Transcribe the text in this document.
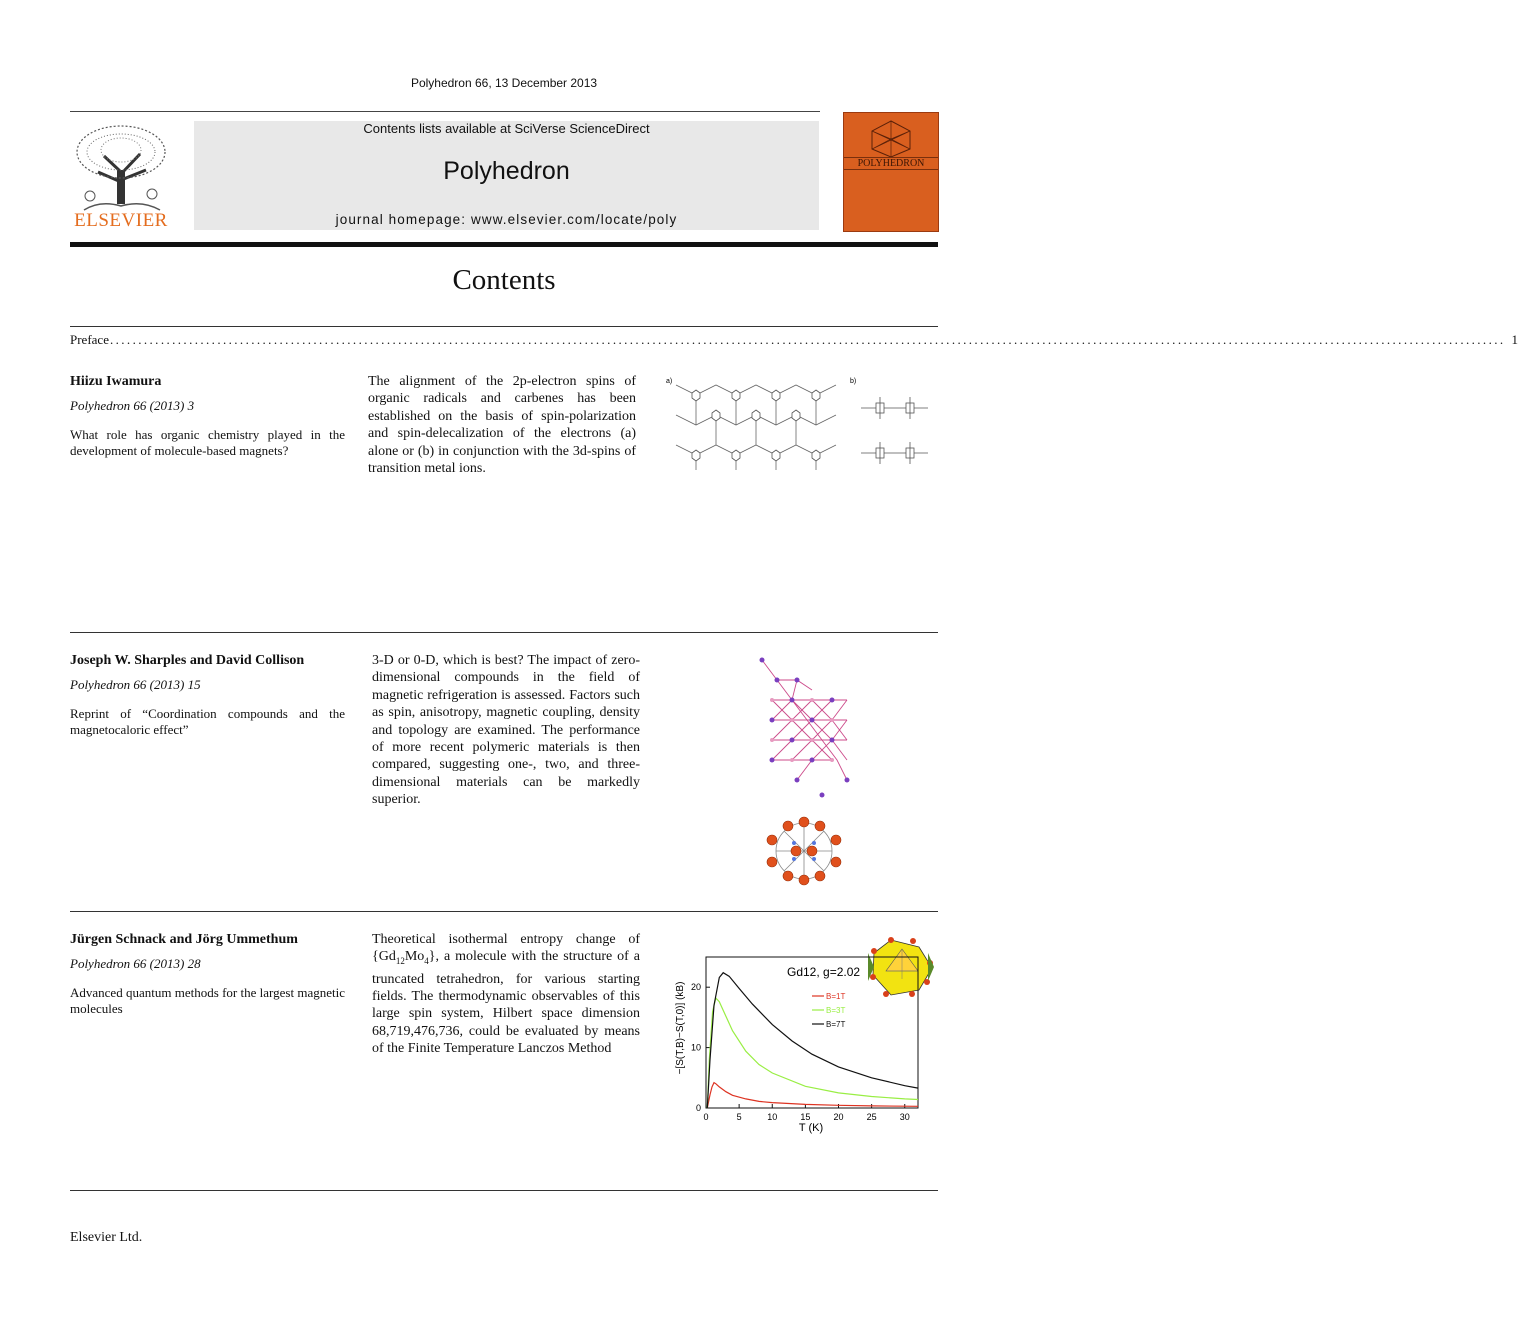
Polyhedron 66, 13 December 2013
ELSEVIER
Contents lists available at SciVerse ScienceDirect
Polyhedron
journal homepage: www.elsevier.com/locate/poly
POLYHEDRON
Contents
Preface ....................................................................................................................................................................................................................................................... 1
Hiizu Iwamura
Polyhedron 66 (2013) 3
What role has organic chemistry played in the development of molecule-based magnets?
The alignment of the 2p-electron spins of organic radicals and carbenes has been established on the basis of spin-polarization and spin-delecalization of the electrons (a) alone or (b) in conjunction with the 3d-spins of transition metal ions.
a)	b)
Joseph W. Sharples and David Collison
Polyhedron 66 (2013) 15
Reprint of “Coordination compounds and the magnetocaloric effect”
3-D or 0-D, which is best? The impact of zero-dimensional compounds in the field of magnetic refrigeration is assessed. Factors such as spin, anisotropy, magnetic coupling, density and topology are examined. The performance of more recent polymeric materials is then compared, suggesting one-, two, and three-dimensional materials can be markedly superior.
Jürgen Schnack and Jörg Ummethum
Polyhedron 66 (2013) 28
Advanced quantum methods for the largest magnetic molecules
Theoretical isothermal entropy change of $\{Gd_{12}Mo_4\}$, a molecule with the structure of a truncated tetrahedron, for various starting fields. The thermodynamic observables of this large spin system, Hilbert space dimension 68,719,476,736, could be evaluated by means of the Finite Temperature Lanczos Method	−[S(T,B)−S(T,0)] (kB)
T (K)
Gd12, g=2.02
0	5	10	15	20	25	30
0
10
20
B=1T
B=3T
B=7T
Elsevier Ltd.
